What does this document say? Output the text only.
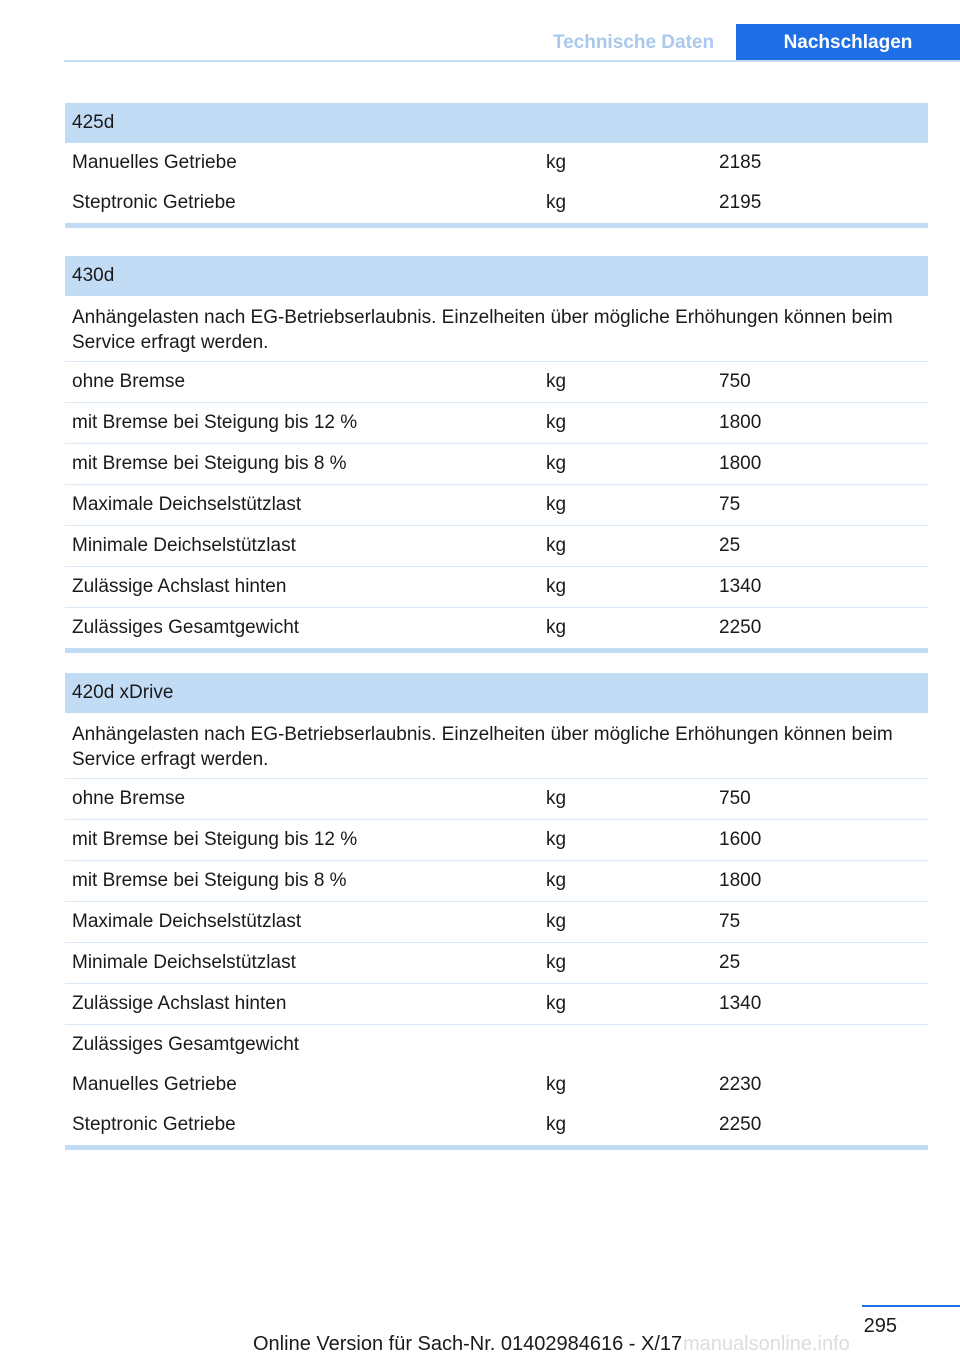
Technische Daten	Nachschlagen
425d
Manuelles Getriebe	kg	2185
Steptronic Getriebe	kg	2195
430d
Anhängelasten nach EG-Betriebserlaubnis. Einzelheiten über mögliche Erhöhungen können beim Service erfragt werden.
ohne Bremse	kg	750
mit Bremse bei Steigung bis 12 %	kg	1800
mit Bremse bei Steigung bis 8 %	kg	1800
Maximale Deichselstützlast	kg	75
Minimale Deichselstützlast	kg	25
Zulässige Achslast hinten	kg	1340
Zulässiges Gesamtgewicht	kg	2250
420d xDrive
Anhängelasten nach EG-Betriebserlaubnis. Einzelheiten über mögliche Erhöhungen können beim Service erfragt werden.
ohne Bremse	kg	750
mit Bremse bei Steigung bis 12 %	kg	1600
mit Bremse bei Steigung bis 8 %	kg	1800
Maximale Deichselstützlast	kg	75
Minimale Deichselstützlast	kg	25
Zulässige Achslast hinten	kg	1340
Zulässiges Gesamtgewicht
Manuelles Getriebe	kg	2230
Steptronic Getriebe	kg	2250
295
Online Version für Sach-Nr. 01402984616 - X/17 manualsonline.info
